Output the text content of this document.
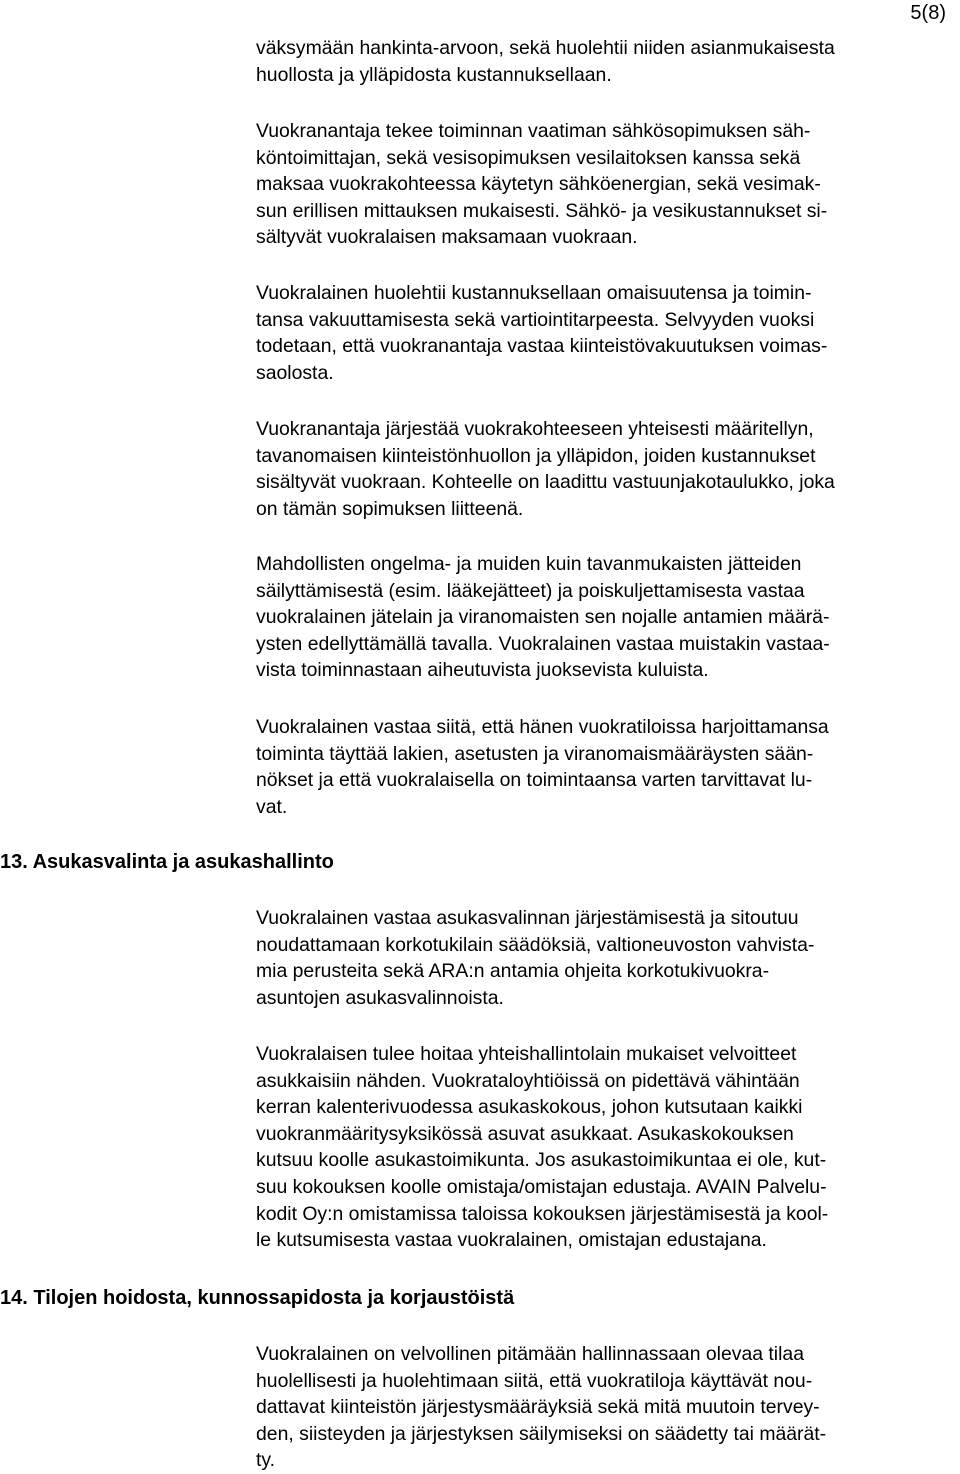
5(8)
väksymään hankinta-arvoon, sekä huolehtii niiden asianmukaisesta
huollosta ja ylläpidosta kustannuksellaan.
Vuokranantaja tekee toiminnan vaatiman sähkösopimuksen säh-
köntoimittajan, sekä vesisopimuksen vesilaitoksen kanssa sekä
maksaa vuokrakohteessa käytetyn sähköenergian, sekä vesimak-
sun erillisen mittauksen mukaisesti. Sähkö- ja vesikustannukset si-
sältyvät vuokralaisen maksamaan vuokraan.
Vuokralainen huolehtii kustannuksellaan omaisuutensa ja toimin-
tansa vakuuttamisesta sekä vartiointitarpeesta. Selvyyden vuoksi
todetaan, että vuokranantaja vastaa kiinteistövakuutuksen voimas-
saolosta.
Vuokranantaja järjestää vuokrakohteeseen yhteisesti määritellyn,
tavanomaisen kiinteistönhuollon ja ylläpidon, joiden kustannukset
sisältyvät vuokraan. Kohteelle on laadittu vastuunjakotaulukko, joka
on tämän sopimuksen liitteenä.
Mahdollisten ongelma- ja muiden kuin tavanmukaisten jätteiden
säilyttämisestä (esim. lääkejätteet) ja poiskuljettamisesta vastaa
vuokralainen jätelain ja viranomaisten sen nojalle antamien määrä-
ysten edellyttämällä tavalla. Vuokralainen vastaa muistakin vastaa-
vista toiminnastaan aiheutuvista juoksevista kuluista.
Vuokralainen vastaa siitä, että hänen vuokratiloissa harjoittamansa
toiminta täyttää lakien, asetusten ja viranomaismääräysten sään-
nökset ja että vuokralaisella on toimintaansa varten tarvittavat lu-
vat.
13. Asukasvalinta ja asukashallinto
Vuokralainen vastaa asukasvalinnan järjestämisestä ja sitoutuu
noudattamaan korkotukilain säädöksiä, valtioneuvoston vahvista-
mia perusteita sekä ARA:n antamia ohjeita korkotukivuokra-
asuntojen asukasvalinnoista.
Vuokralaisen tulee hoitaa yhteishallintolain mukaiset velvoitteet
asukkaisiin nähden. Vuokrataloyhtiöissä on pidettävä vähintään
kerran kalenterivuodessa asukaskokous, johon kutsutaan kaikki
vuokranmääritysyksikössä asuvat asukkaat. Asukaskokouksen
kutsuu koolle asukastoimikunta. Jos asukastoimikuntaa ei ole, kut-
suu kokouksen koolle omistaja/omistajan edustaja. AVAIN Palvelu-
kodit Oy:n omistamissa taloissa kokouksen järjestämisestä ja kool-
le kutsumisesta vastaa vuokralainen, omistajan edustajana.
14. Tilojen hoidosta, kunnossapidosta ja korjaustöistä
Vuokralainen on velvollinen pitämään hallinnassaan olevaa tilaa
huolellisesti ja huolehtimaan siitä, että vuokratiloja käyttävät nou-
dattavat kiinteistön järjestysmääräyksiä sekä mitä muutoin tervey-
den, siisteyden ja järjestyksen säilymiseksi on säädetty tai määrät-
ty.
